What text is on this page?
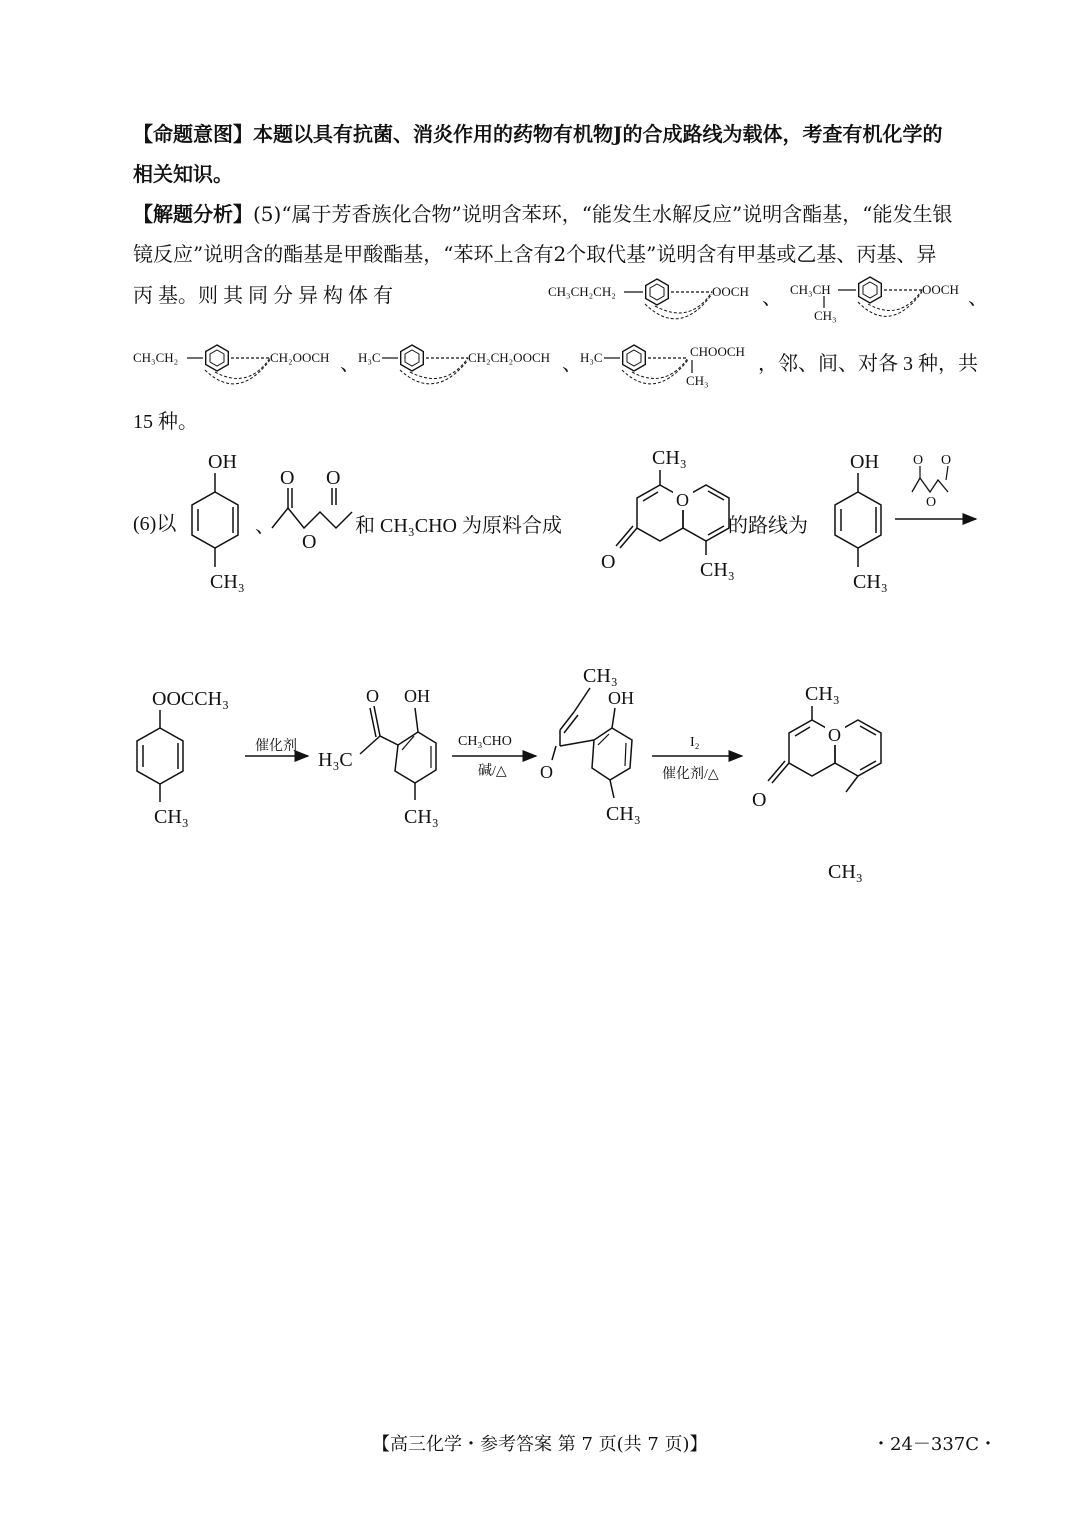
【命题意图】本题以具有抗菌、消炎作用的药物有机物J的合成路线为载体，考查有机化学的
相关知识。
【解题分析】(5)“属于芳香族化合物”说明含苯环，“能发生水解反应”说明含酯基，“能发生银
镜反应”说明含的酯基是甲酸酯基，“苯环上含有2个取代基”说明含有甲基或乙基、丙基、异
丙 基。则 其 同 分 异 构 体 有	CH₃CH₂CH₂	OOCH 、 CH₃CH
CH₃
OOCH 、
CH₃CH₂	CH₂OOCH 、
H₃C	CH₂CH₂OOCH 、
H₃C	CHOOCH
CH₃
，邻、间、对各 3 种，共
15 种。
(6)以
OH
CH₃
、
O O
O
和 CH₃CHO 为原料合成
CH₃
O
O	CH₃
的路线为
OH
CH₃
O O
O
OOCCH₃
CH₃
催化剂
O OH
H₃C
CH₃
CH₃CHO
碱/△
CH₃
O
OH
CH₃
I₂
催化剂/△
CH₃
O
O
CH₃
【高三化学・参考答案 第 7 页(共 7 页)】	・24－337C・
